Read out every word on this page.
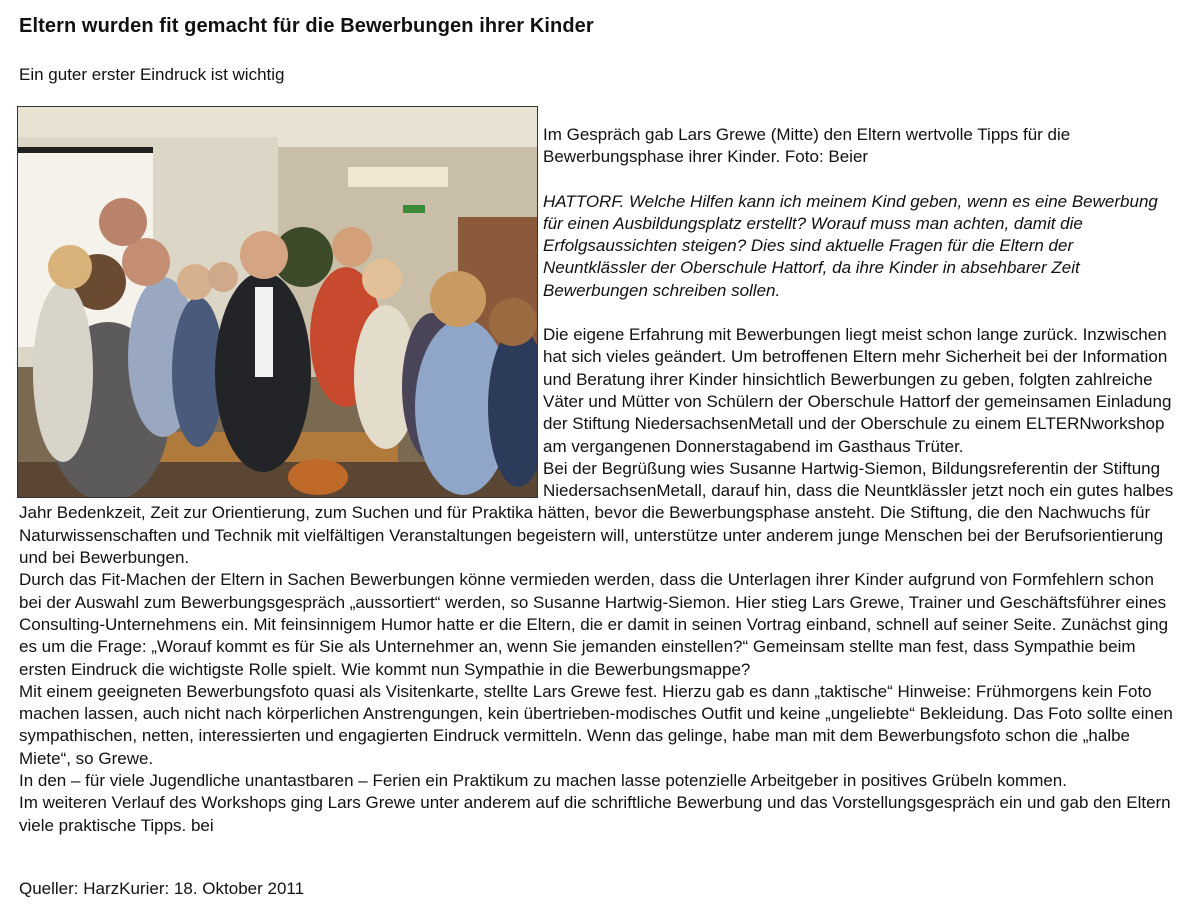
Eltern wurden fit gemacht für die Bewerbungen ihrer Kinder
Ein guter erster Eindruck ist wichtig

Im Gespräch gab Lars Grewe (Mitte) den Eltern wertvolle Tipps für die Bewerbungsphase ihrer Kinder. Foto: Beier

HATTORF. Welche Hilfen kann ich meinem Kind geben, wenn es eine Bewerbung für einen Ausbildungsplatz erstellt? Worauf muss man achten, damit die Erfolgsaussichten steigen? Dies sind aktuelle Fragen für die Eltern der Neuntklässler der Oberschule Hattorf, da ihre Kinder in absehbarer Zeit Bewerbungen schreiben sollen.

Die eigene Erfahrung mit Bewerbungen liegt meist schon lange zurück. Inzwischen hat sich vieles geändert. Um betroffenen Eltern mehr Sicherheit bei der Information und Beratung ihrer Kinder hinsichtlich Bewerbungen zu geben, folgten zahlreiche Väter und Mütter von Schülern der Oberschule Hattorf der gemeinsamen Einladung der Stiftung NiedersachsenMetall und der Oberschule zu einem ELTERNworkshop am vergangenen Donnerstagabend im Gasthaus Trüter.

Bei der Begrüßung wies Susanne Hartwig-Siemon, Bildungsreferentin der Stiftung NiedersachsenMetall, darauf hin, dass die Neuntklässler jetzt noch ein gutes halbes Jahr Bedenkzeit, Zeit zur Orientierung, zum Suchen und für Praktika hätten, bevor die Bewerbungsphase ansteht. Die Stiftung, die den Nachwuchs für Naturwissenschaften und Technik mit vielfältigen Veranstaltungen begeistern will, unterstütze unter anderem junge Menschen bei der Berufsorientierung und bei Bewerbungen.

Durch das Fit-Machen der Eltern in Sachen Bewerbungen könne vermieden werden, dass die Unterlagen ihrer Kinder aufgrund von Formfehlern schon bei der Auswahl zum Bewerbungsgespräch „aussortiert“ werden, so Susanne Hartwig-Siemon. Hier stieg Lars Grewe, Trainer und Geschäftsführer eines Consulting-Unternehmens ein. Mit feinsinnigem Humor hatte er die Eltern, die er damit in seinen Vortrag einband, schnell auf seiner Seite. Zunächst ging es um die Frage: „Worauf kommt es für Sie als Unternehmer an, wenn Sie jemanden einstellen?“ Gemeinsam stellte man fest, dass Sympathie beim ersten Eindruck die wichtigste Rolle spielt. Wie kommt nun Sympathie in die Bewerbungsmappe?

Mit einem geeigneten Bewerbungsfoto quasi als Visitenkarte, stellte Lars Grewe fest. Hierzu gab es dann „taktische“ Hinweise: Frühmorgens kein Foto machen lassen, auch nicht nach körperlichen Anstrengungen, kein übertrieben-modisches Outfit und keine „ungeliebte“ Bekleidung. Das Foto sollte einen sympathischen, netten, interessierten und engagierten Eindruck vermitteln. Wenn das gelinge, habe man mit dem Bewerbungsfoto schon die „halbe Miete“, so Grewe.

In den – für viele Jugendliche unantastbaren – Ferien ein Praktikum zu machen lasse potenzielle Arbeitgeber in positives Grübeln kommen.

Im weiteren Verlauf des Workshops ging Lars Grewe unter anderem auf die schriftliche Bewerbung und das Vorstellungsgespräch ein und gab den Eltern viele praktische Tipps. bei

Queller: HarzKurier: 18. Oktober 2011
